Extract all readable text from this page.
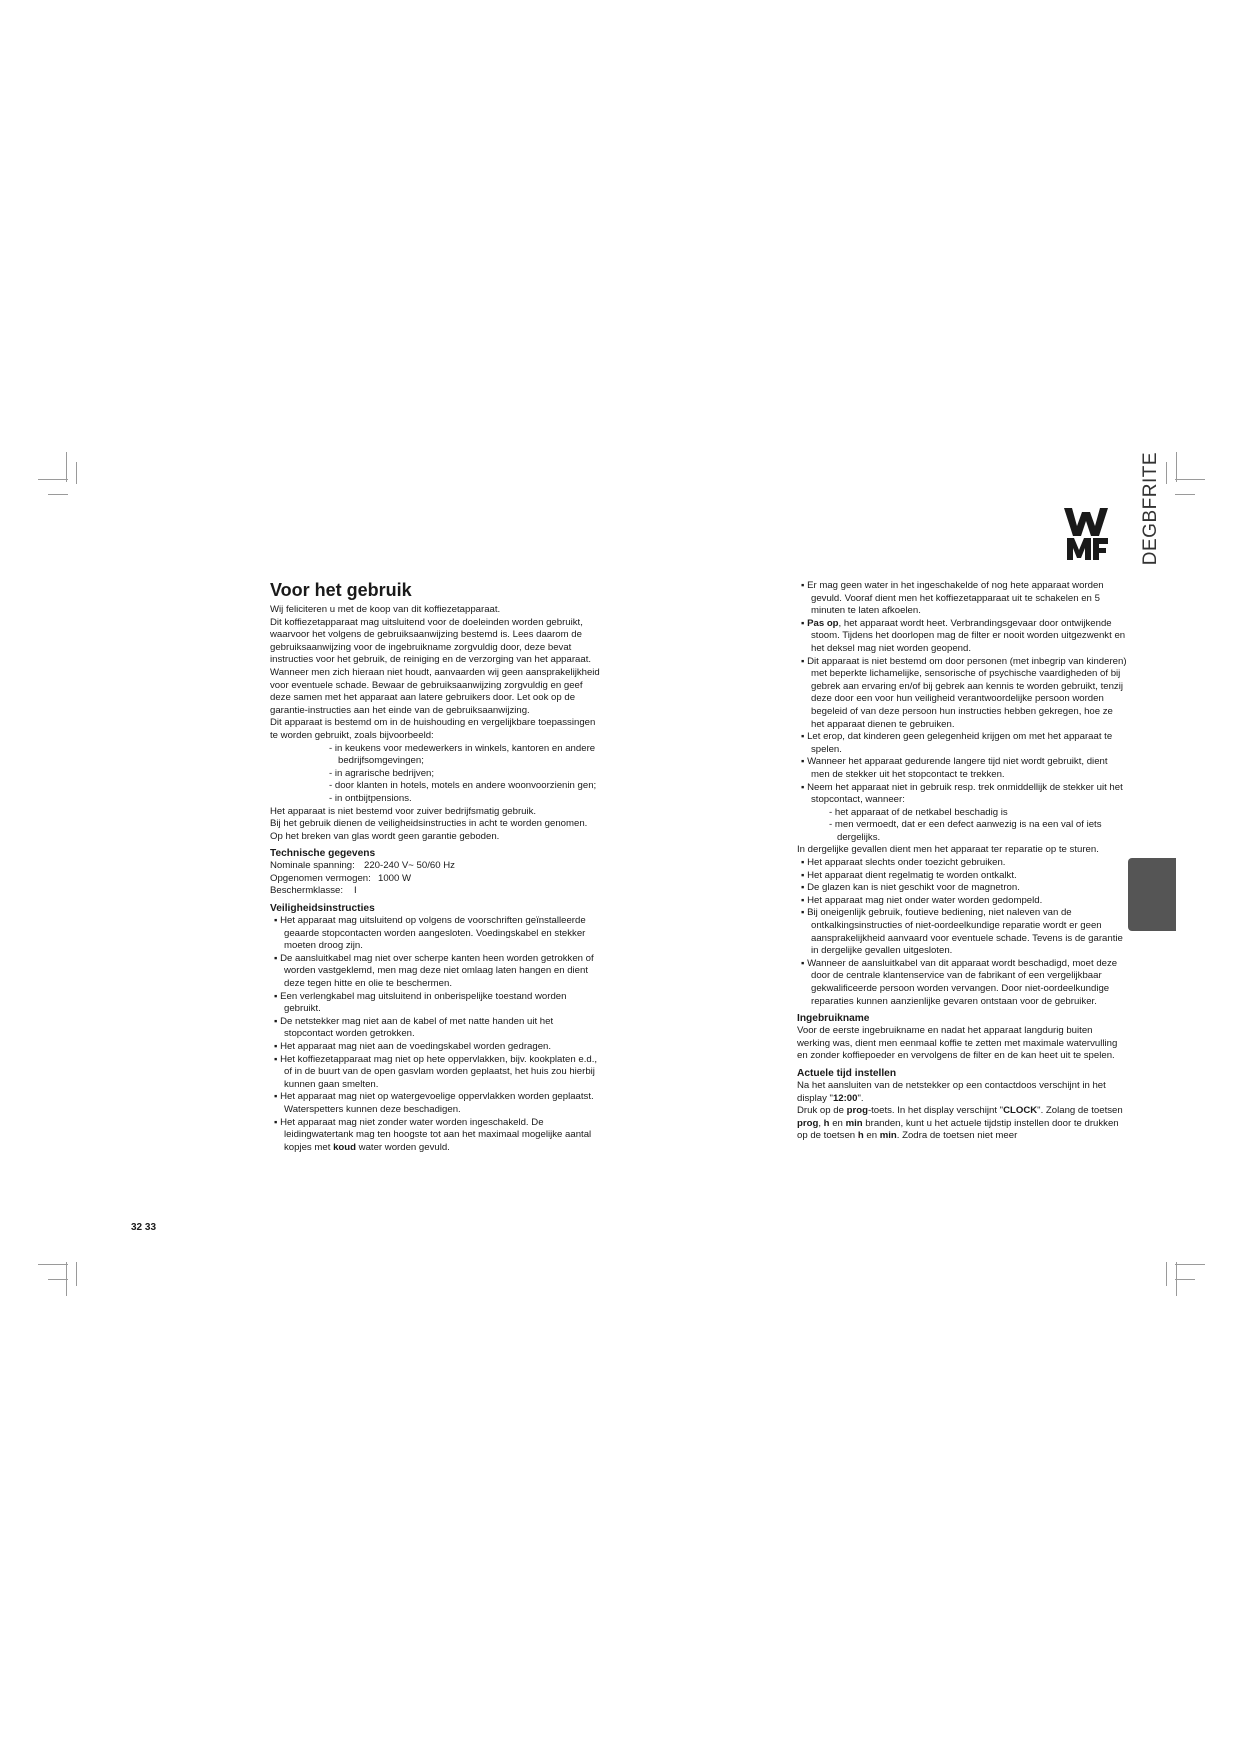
DEGBFRITE
Voor het gebruik

Wij feliciteren u met de koop van dit koffiezetapparaat.

Dit koffiezetapparaat mag uitsluitend voor de doeleinden worden gebruikt, waarvoor het volgens de gebruiksaanwijzing bestemd is. Lees daarom de gebruiksaanwijzing voor de ingebruikname zorgvuldig door, deze bevat instructies voor het gebruik, de reiniging en de verzorging van het apparaat. Wanneer men zich hieraan niet houdt, aanvaarden wij geen aansprakelijkheid voor eventuele schade. Bewaar de gebruiksaanwijzing zorgvuldig en geef deze samen met het apparaat aan latere gebruikers door. Let ook op de garantie-instructies aan het einde van de gebruiksaanwijzing.

Dit apparaat is bestemd om in de huishouding en vergelijkbare toepassingen te worden gebruikt, zoals bijvoorbeeld:

- in keukens voor medewerkers in winkels, kantoren en andere bedrijfsomgevingen;
- in agrarische bedrijven;
- door klanten in hotels, motels en andere woonvoorzienin gen;
- in ontbijtpensions.

Het apparaat is niet bestemd voor zuiver bedrijfsmatig gebruik.

Bij het gebruik dienen de veiligheidsinstructies in acht te worden genomen.

Op het breken van glas wordt geen garantie geboden.

Technische gegevens
Nominale spanning: 220-240 V~ 50/60 Hz
Opgenomen vermogen: 1000 W
Beschermklasse: I
Veiligheidsinstructies
▪ Het apparaat mag uitsluitend op volgens de voorschriften geïnstalleerde geaarde stopcontacten worden aangesloten. Voedingskabel en stekker moeten droog zijn.
▪ De aansluitkabel mag niet over scherpe kanten heen worden getrokken of worden vastgeklemd, men mag deze niet omlaag laten hangen en dient deze tegen hitte en olie te beschermen.
▪ Een verlengkabel mag uitsluitend in onberispelijke toestand worden gebruikt.
▪ De netstekker mag niet aan de kabel of met natte handen uit het stopcontact worden getrokken.
▪ Het apparaat mag niet aan de voedingskabel worden gedragen.
▪ Het koffiezetapparaat mag niet op hete oppervlakken, bijv. kookplaten e.d., of in de buurt van de open gasvlam worden geplaatst, het huis zou hierbij kunnen gaan smelten.
▪ Het apparaat mag niet op watergevoelige oppervlakken worden geplaatst. Waterspetters kunnen deze beschadigen.
▪ Het apparaat mag niet zonder water worden ingeschakeld. De leidingwatertank mag ten hoogste tot aan het maximaal mogelijke aantal kopjes met koud water worden gevuld.
▪ Er mag geen water in het ingeschakelde of nog hete apparaat worden gevuld. Vooraf dient men het koffiezetapparaat uit te schakelen en 5 minuten te laten afkoelen.
▪ Pas op, het apparaat wordt heet. Verbrandingsgevaar door ontwijkende stoom. Tijdens het doorlopen mag de filter er nooit worden uitgezwenkt en het deksel mag niet worden geopend.
▪ Dit apparaat is niet bestemd om door personen (met inbegrip van kinderen) met beperkte lichamelijke, sensorische of psychische vaardigheden of bij gebrek aan ervaring en/of bij gebrek aan kennis te worden gebruikt, tenzij deze door een voor hun veiligheid verantwoordelijke persoon worden begeleid of van deze persoon hun instructies hebben gekregen, hoe ze het apparaat dienen te gebruiken.
▪ Let erop, dat kinderen geen gelegenheid krijgen om met het apparaat te spelen.
▪ Wanneer het apparaat gedurende langere tijd niet wordt gebruikt, dient men de stekker uit het stopcontact te trekken.
▪ Neem het apparaat niet in gebruik resp. trek onmiddellijk de stekker uit het stopcontact, wanneer:
- het apparaat of de netkabel beschadig is
- men vermoedt, dat er een defect aanwezig is na een val of iets dergelijks.

In dergelijke gevallen dient men het apparaat ter reparatie op te sturen.

▪ Het apparaat slechts onder toezicht gebruiken.
▪ Het apparaat dient regelmatig te worden ontkalkt.
▪ De glazen kan is niet geschikt voor de magnetron.
▪ Het apparaat mag niet onder water worden gedompeld.
▪ Bij oneigenlijk gebruik, foutieve bediening, niet naleven van de ontkalkingsinstructies of niet-oordeelkundige reparatie wordt er geen aansprakelijkheid aanvaard voor eventuele schade. Tevens is de garantie in dergelijke gevallen uitgesloten.
▪ Wanneer de aansluitkabel van dit apparaat wordt beschadigd, moet deze door de centrale klantenservice van de fabrikant of een vergelijkbaar gekwalificeerde persoon worden vervangen. Door niet-oordeelkundige reparaties kunnen aanzienlijke gevaren ontstaan voor de gebruiker.
Ingebruikname

Voor de eerste ingebruikname en nadat het apparaat langdurig buiten werking was, dient men eenmaal koffie te zetten met maximale watervulling en zonder koffiepoeder en vervolgens de filter en de kan heet uit te spelen.

Actuele tijd instellen

Na het aansluiten van de netstekker op een contactdoos verschijnt in het display "12:00".

Druk op de prog-toets. In het display verschijnt "CLOCK". Zolang de toetsen prog, h en min branden, kunt u het actuele tijdstip instellen door te drukken op de toetsen h en min. Zodra de toetsen niet meer

32 33
